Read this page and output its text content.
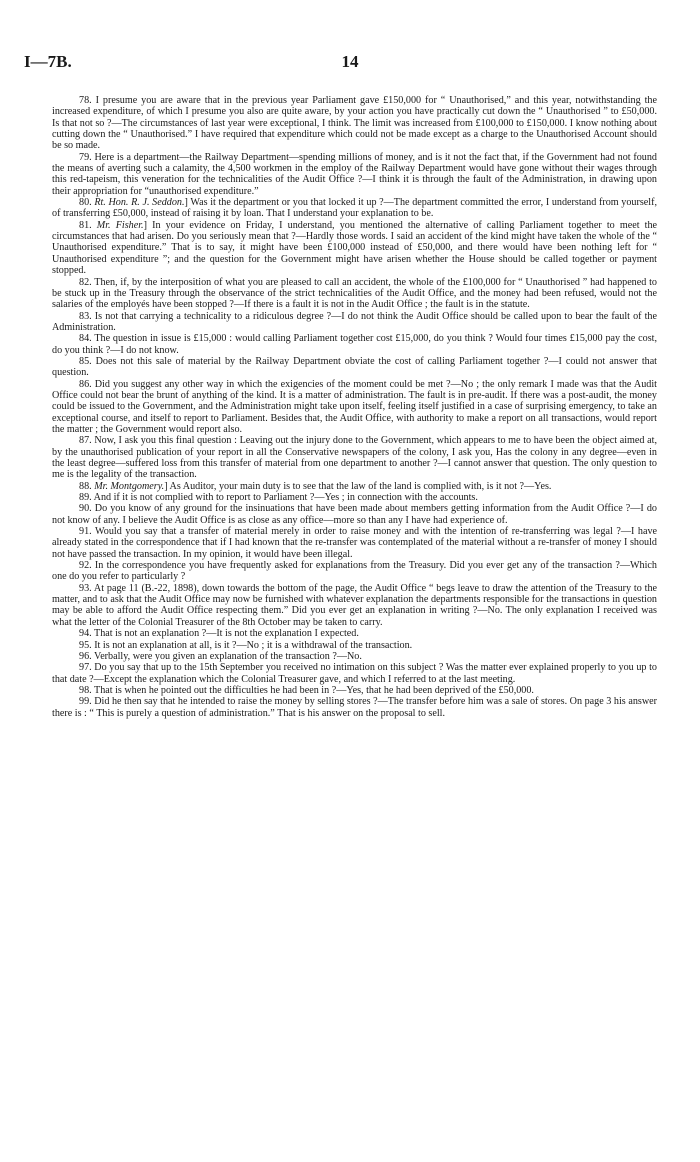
I—7B.	14

78. I presume you are aware that in the previous year Parliament gave £150,000 for “ Unauthorised,” and this year, notwithstanding the increased expenditure, of which I presume you also are quite aware, by your action you have practically cut down the “ Unauthorised ” to £50,000. Is that not so ?—The circumstances of last year were exceptional, I think. The limit was increased from £100,000 to £150,000. I know nothing about cutting down the “ Unauthorised.” I have required that expenditure which could not be made except as a charge to the Unauthorised Account should be so made.

79. Here is a department—the Railway Department—spending millions of money, and is it not the fact that, if the Government had not found the means of averting such a calamity, the 4,500 workmen in the employ of the Railway Department would have gone without their wages through this red-tapeism, this veneration for the technicalities of the Audit Office ?—I think it is through the fault of the Administration, in drawing upon their appropriation for “unauthorised expenditure.”

80. Rt. Hon. R. J. Seddon.] Was it the department or you that locked it up ?—The department committed the error, I understand from yourself, of transferring £50,000, instead of raising it by loan. That I understand your explanation to be.

81. Mr. Fisher.] In your evidence on Friday, I understand, you mentioned the alternative of calling Parliament together to meet the circumstances that had arisen. Do you seriously mean that ?—Hardly those words. I said an accident of the kind might have taken the whole of the “ Unauthorised expenditure.” That is to say, it might have been £100,000 instead of £50,000, and there would have been nothing left for “ Unauthorised expenditure ”; and the question for the Government might have arisen whether the House should be called together or payment stopped.

82. Then, if, by the interposition of what you are pleased to call an accident, the whole of the £100,000 for “ Unauthorised ” had happened to be stuck up in the Treasury through the observance of the strict technicalities of the Audit Office, and the money had been refused, would not the salaries of the employés have been stopped ?—If there is a fault it is not in the Audit Office ; the fault is in the statute.

83. Is not that carrying a technicality to a ridiculous degree ?—I do not think the Audit Office should be called upon to bear the fault of the Administration.

84. The question in issue is £15,000 : would calling Parliament together cost £15,000, do you think ? Would four times £15,000 pay the cost, do you think ?—I do not know.

85. Does not this sale of material by the Railway Department obviate the cost of calling Parliament together ?—I could not answer that question.

86. Did you suggest any other way in which the exigencies of the moment could be met ?—No ; the only remark I made was that the Audit Office could not bear the brunt of anything of the kind. It is a matter of administration. The fault is in pre-audit. If there was a post-audit, the money could be issued to the Government, and the Administration might take upon itself, feeling itself justified in a case of surprising emergency, to take an exceptional course, and itself to report to Parliament. Besides that, the Audit Office, with authority to make a report on all transactions, would report the matter ; the Government would report also.

87. Now, I ask you this final question : Leaving out the injury done to the Government, which appears to me to have been the object aimed at, by the unauthorised publication of your report in all the Conservative newspapers of the colony, I ask you, Has the colony in any degree—even in the least degree—suffered loss from this transfer of material from one department to another ?—I cannot answer that question. The only question to me is the legality of the transaction.

88. Mr. Montgomery.] As Auditor, your main duty is to see that the law of the land is complied with, is it not ?—Yes.

89. And if it is not complied with to report to Parliament ?—Yes ; in connection with the accounts.

90. Do you know of any ground for the insinuations that have been made about members getting information from the Audit Office ?—I do not know of any. I believe the Audit Office is as close as any office—more so than any I have had experience of.

91. Would you say that a transfer of material merely in order to raise money and with the intention of re-transferring was legal ?—I have already stated in the correspondence that if I had known that the re-transfer was contemplated of the material without a re-transfer of money I should not have passed the transaction. In my opinion, it would have been illegal.

92. In the correspondence you have frequently asked for explanations from the Treasury. Did you ever get any of the transaction ?—Which one do you refer to particularly ?

93. At page 11 (B.-22, 1898), down towards the bottom of the page, the Audit Office “ begs leave to draw the attention of the Treasury to the matter, and to ask that the Audit Office may now be furnished with whatever explanation the departments responsible for the transactions in question may be able to afford the Audit Office respecting them.” Did you ever get an explanation in writing ?—No. The only explanation I received was what the letter of the Colonial Treasurer of the 8th October may be taken to carry.

94. That is not an explanation ?—It is not the explanation I expected.

95. It is not an explanation at all, is it ?—No ; it is a withdrawal of the transaction.

96. Verbally, were you given an explanation of the transaction ?—No.

97. Do you say that up to the 15th September you received no intimation on this subject ? Was the matter ever explained properly to you up to that date ?—Except the explanation which the Colonial Treasurer gave, and which I referred to at the last meeting.

98. That is when he pointed out the difficulties he had been in ?—Yes, that he had been deprived of the £50,000.

99. Did he then say that he intended to raise the money by selling stores ?—The transfer before him was a sale of stores. On page 3 his answer there is : “ This is purely a question of administration.” That is his answer on the proposal to sell.
